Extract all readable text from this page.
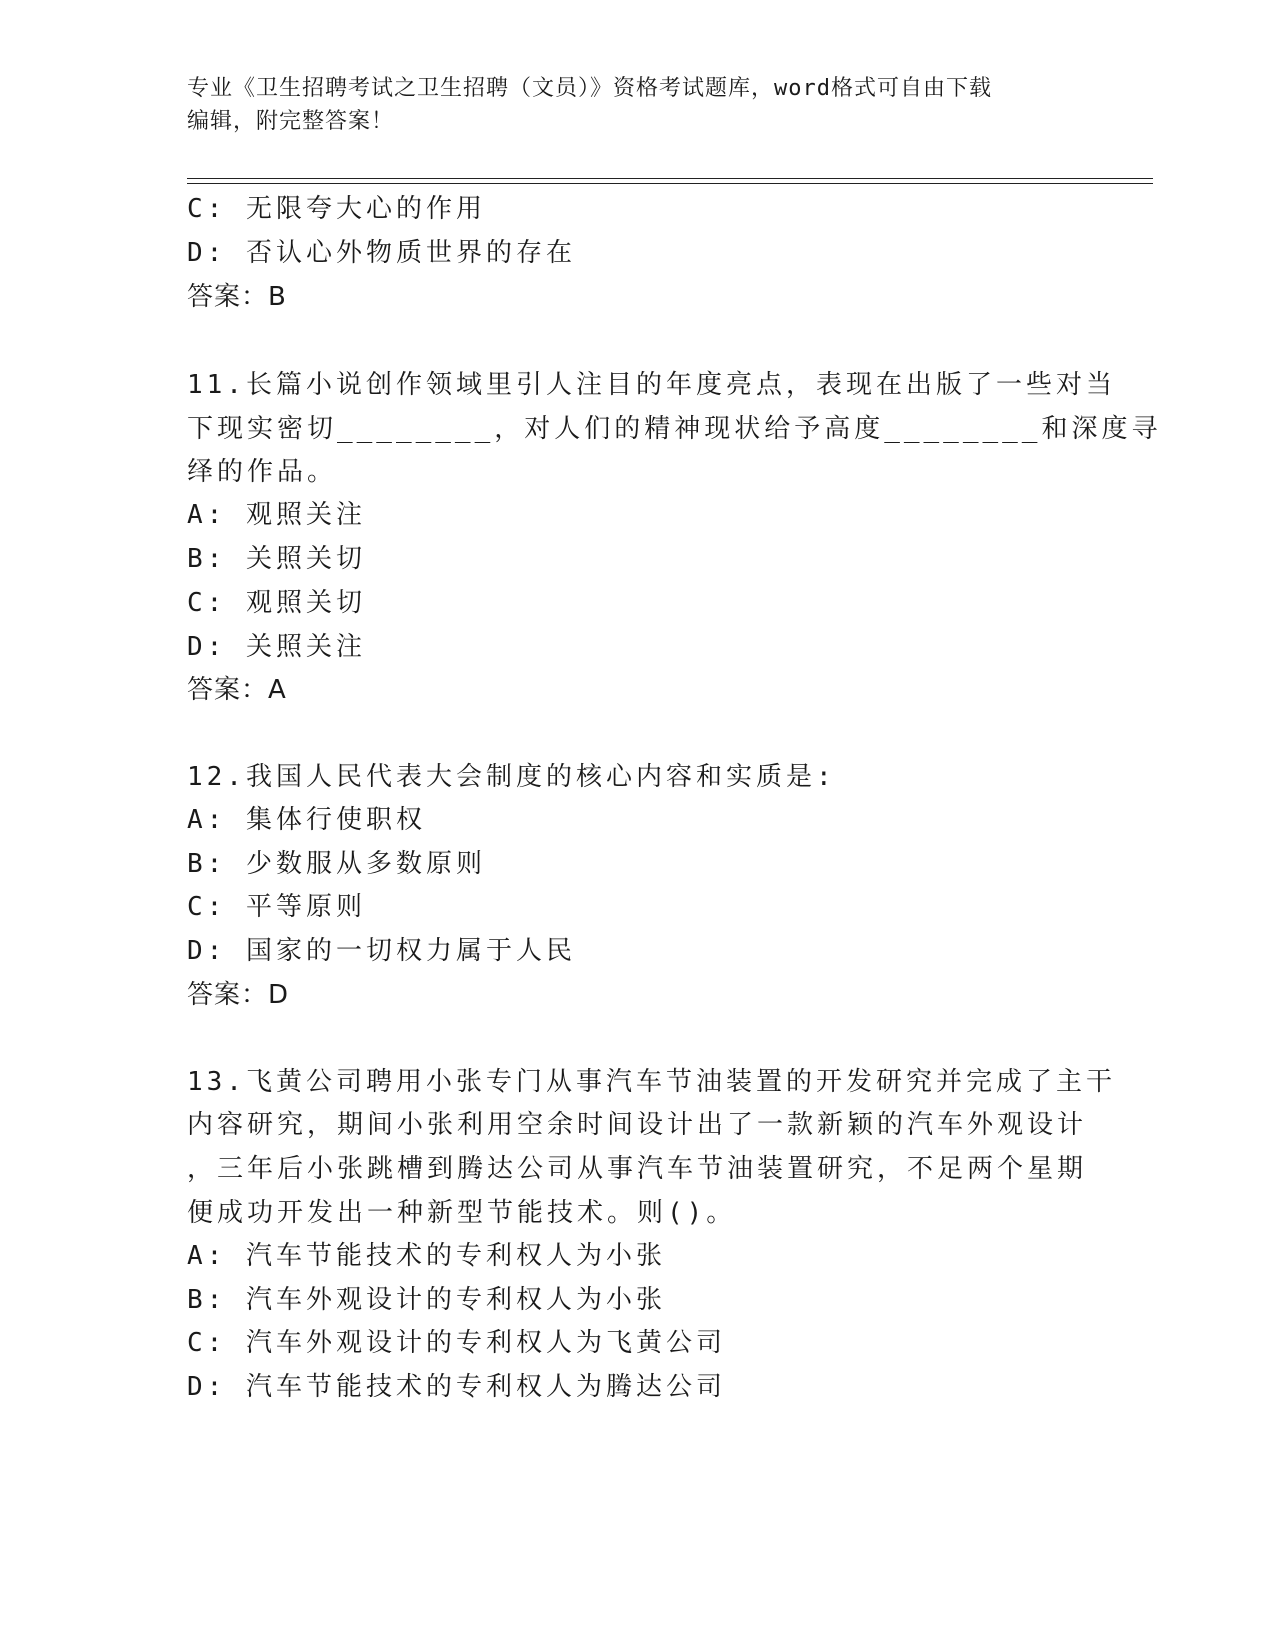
专业《卫生招聘考试之卫生招聘（文员）》资格考试题库，word格式可自由下载
编辑，附完整答案！
C: 无限夸大心的作用
D: 否认心外物质世界的存在
答案：B
11.长篇小说创作领域里引人注目的年度亮点，表现在出版了一些对当
下现实密切________，对人们的精神现状给予高度________和深度寻
绎的作品。
A: 观照关注
B: 关照关切
C: 观照关切
D: 关照关注
答案：A
12.我国人民代表大会制度的核心内容和实质是:
A: 集体行使职权
B: 少数服从多数原则
C: 平等原则
D: 国家的一切权力属于人民
答案：D
13.飞黄公司聘用小张专门从事汽车节油装置的开发研究并完成了主干
内容研究，期间小张利用空余时间设计出了一款新颖的汽车外观设计
，三年后小张跳槽到腾达公司从事汽车节油装置研究，不足两个星期
便成功开发出一种新型节能技术。则()。
A: 汽车节能技术的专利权人为小张
B: 汽车外观设计的专利权人为小张
C: 汽车外观设计的专利权人为飞黄公司
D: 汽车节能技术的专利权人为腾达公司
